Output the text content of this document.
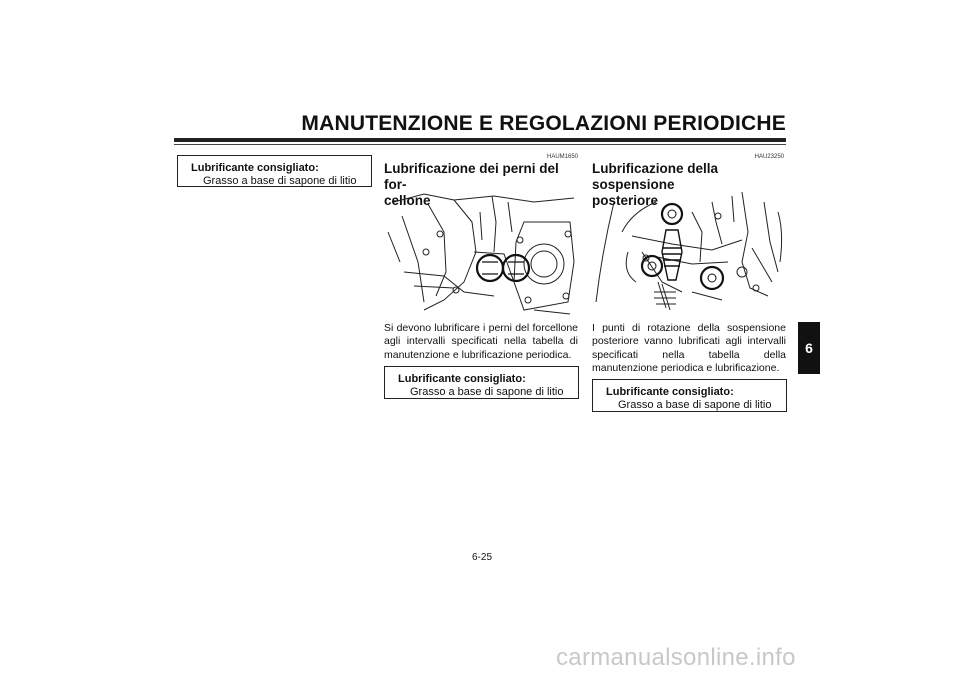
MANUTENZIONE E REGOLAZIONI PERIODICHE
Lubrificante consigliato:
Grasso a base di sapone di litio
HAUM1650
Lubrificazione dei perni del for-
cellone
Si devono lubrificare i perni del forcellone agli intervalli specificati nella tabella di manutenzione e lubrificazione periodica.
Lubrificante consigliato:
Grasso a base di sapone di litio
HAU23250
Lubrificazione della sospensione
posteriore
I punti di rotazione della sospensione posteriore vanno lubrificati agli intervalli specificati nella tabella della manutenzione periodica e lubrificazione.
Lubrificante consigliato:
Grasso a base di sapone di litio
6
6-25
carmanualsonline.info
